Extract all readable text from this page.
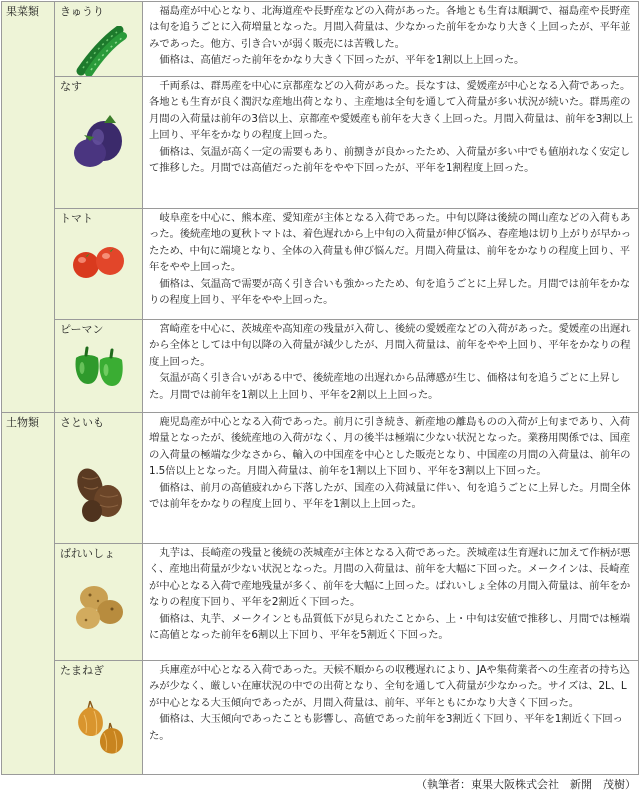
果菜類	きゅうり	福島産が中心となり、北海道産や長野産などの入荷があった。各地とも生育は順調で、福島産や長野産は旬を追うごとに入荷増量となった。月間入荷量は、少なかった前年をかなり大きく上回ったが、平年並みであった。他方、引き合いが弱く販売には苦戦した。

価格は、高値だった前年をかなり大きく下回ったが、平年を1割以上上回った。

	なす	千両系は、群馬産を中心に京都産などの入荷があった。長なすは、愛媛産が中心となる入荷であった。各地とも生育が良く潤沢な産地出荷となり、主産地は全旬を通して入荷量が多い状況が続いた。群馬産の月間の入荷量は前年の3倍以上、京都産や愛媛産も前年を大きく上回った。月間入荷量は、前年を3割以上上回り、平年をかなりの程度上回った。

価格は、気温が高く一定の需要もあり、前捌きが良かったため、入荷量が多い中でも値崩れなく安定して推移した。月間では高値だった前年をやや下回ったが、平年を1割程度上回った。

	トマト	岐阜産を中心に、熊本産、愛知産が主体となる入荷であった。中旬以降は後続の岡山産などの入荷もあった。後続産地の夏秋トマトは、着色遅れから上中旬の入荷量が伸び悩み、春産地は切り上がりが早かったため、中旬に端境となり、全体の入荷量も伸び悩んだ。月間入荷量は、前年をかなりの程度上回り、平年をやや上回った。

価格は、気温高で需要が高く引き合いも強かったため、旬を追うごとに上昇した。月間では前年をかなりの程度上回り、平年をやや上回った。

	ピーマン	宮崎産を中心に、茨城産や高知産の残量が入荷し、後続の愛媛産などの入荷があった。愛媛産の出遅れから全体としては中旬以降の入荷量が減少したが、月間入荷量は、前年をやや上回り、平年をかなりの程度上回った。

気温が高く引き合いがある中で、後続産地の出遅れから品薄感が生じ、価格は旬を追うごとに上昇した。月間では前年を1割以上上回り、平年を2割以上上回った。

土物類	さといも	鹿児島産が中心となる入荷であった。前月に引き続き、新産地の離島ものの入荷が上旬まであり、入荷増量となったが、後続産地の入荷がなく、月の後半は極端に少ない状況となった。業務用関係では、国産の入荷量の極端な少なさから、輸入の中国産を中心とした販売となり、中国産の月間の入荷量は、前年の1.5倍以上となった。月間入荷量は、前年を1割以上下回り、平年を3割以上下回った。

価格は、前月の高値疲れから下落したが、国産の入荷減量に伴い、旬を追うごとに上昇した。月間全体では前年をかなりの程度上回り、平年を1割以上上回った。

	ばれいしょ	丸芋は、長崎産の残量と後続の茨城産が主体となる入荷であった。茨城産は生育遅れに加えて作柄が悪く、産地出荷量が少ない状況となった。月間の入荷量は、前年を大幅に下回った。メークインは、長崎産が中心となる入荷で産地残量が多く、前年を大幅に上回った。ばれいしょ全体の月間入荷量は、前年をかなりの程度下回り、平年を2割近く下回った。

価格は、丸芋、メークインとも品質低下が見られたことから、上・中旬は安値で推移し、月間では極端に高値となった前年を6割以上下回り、平年を5割近く下回った。

	たまねぎ	兵庫産が中心となる入荷であった。天候不順からの収穫遅れにより、JAや集荷業者への生産者の持ち込みが少なく、厳しい在庫状況の中での出荷となり、全旬を通して入荷量が少なかった。サイズは、2L、Lが中心となる大玉傾向であったが、月間入荷量は、前年、平年ともにかなり大きく下回った。

価格は、大玉傾向であったことも影響し、高値であった前年を3割近く下回り、平年を1割近く下回った。

（執筆者：東果大阪株式会社　新開　茂樹）
